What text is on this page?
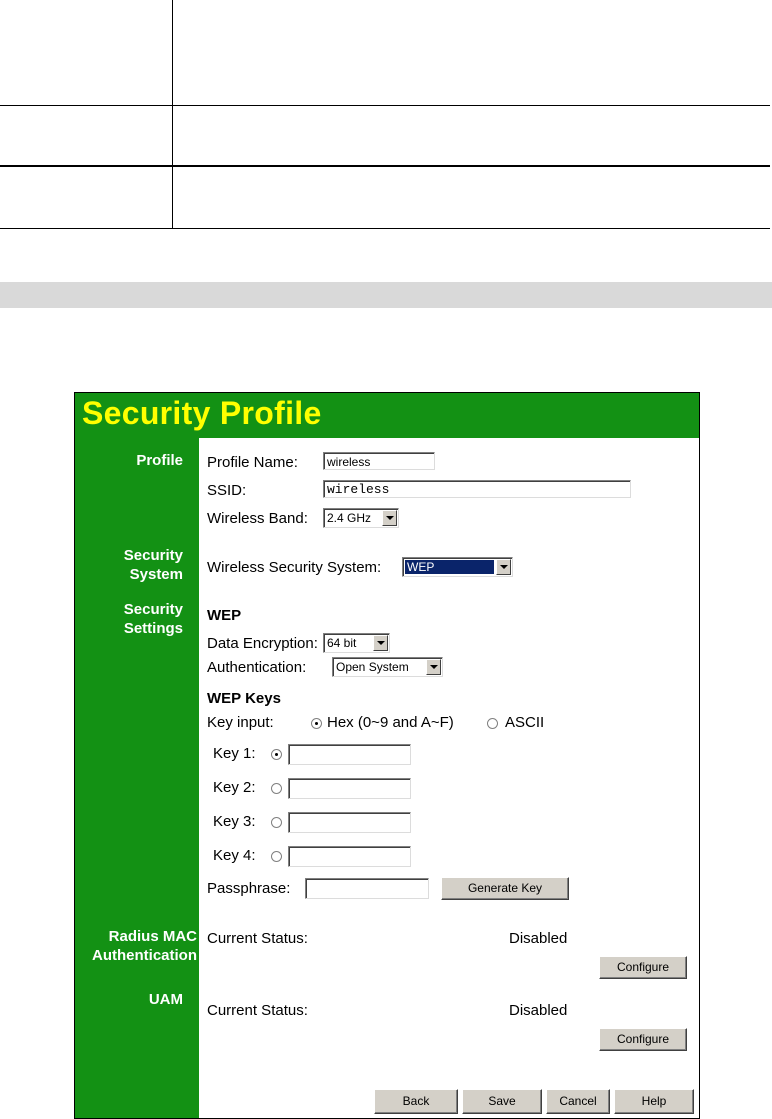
Security Profile
Profile
Security
System
Security
Settings
Radius MAC
Authentication
UAM
Profile Name:	wireless
SSID:	wireless
Wireless Band: 2.4 GHz
Wireless Security System: WEP
WEP
Data Encryption: 64 bit
Authentication: Open System
WEP Keys
Key input:	Hex (0~9 and A~F)	ASCII
Key 1:
Key 2:
Key 3:
Key 4:
Passphrase:	Generate Key
Current Status:	Disabled
Configure
Current Status:	Disabled
Configure
Back	Save	Cancel	Help
